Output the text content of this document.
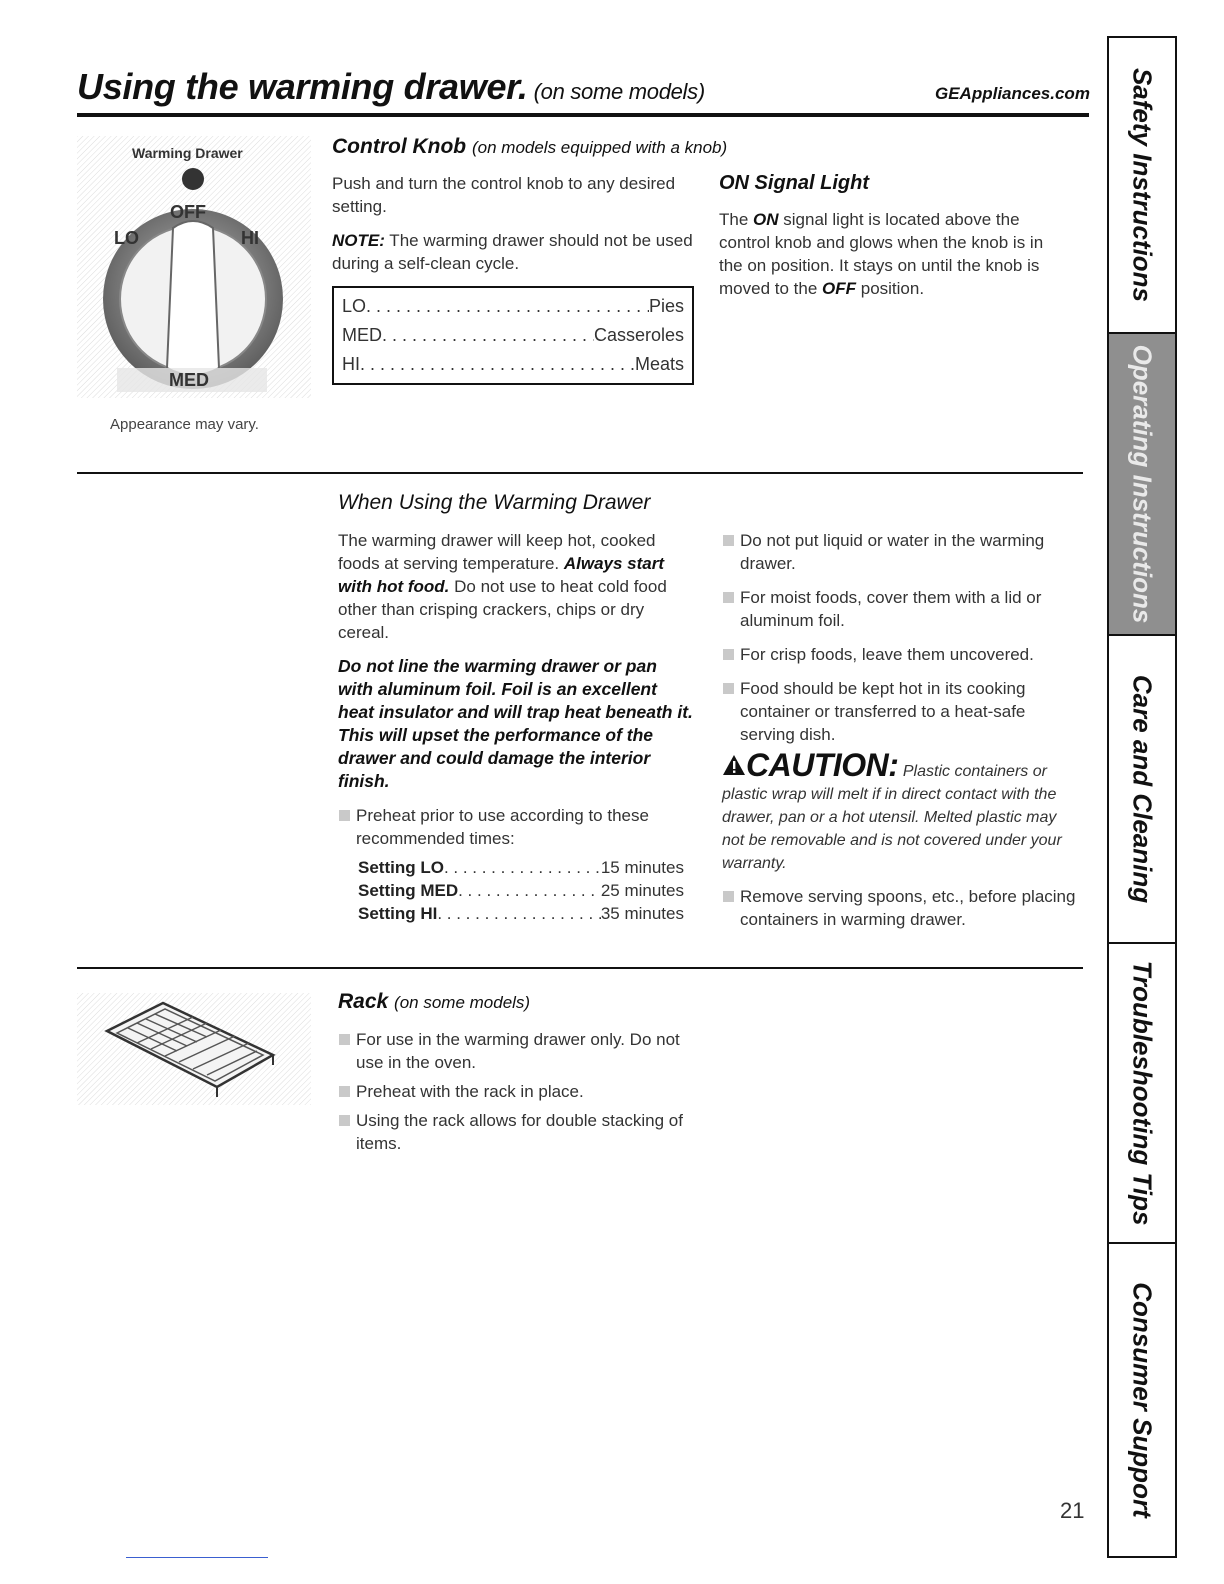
Using the warming drawer. (on some models)	GEAppliances.com
Warming Drawer
OFF
LO	HI
MED
Appearance may vary.
Control Knob (on models equipped with a knob)
Push and turn the control knob to any desired setting.
NOTE: The warming drawer should not be used during a self-clean cycle.
LO . . .	Pies
MED . . .	Casseroles
HI . . .	Meats
ON Signal Light
The ON signal light is located above the control knob and glows when the knob is in the on position. It stays on until the knob is moved to the OFF position.
When Using the Warming Drawer
The warming drawer will keep hot, cooked foods at serving temperature. Always start with hot food. Do not use to heat cold food other than crisping crackers, chips or dry cereal.
Do not line the warming drawer or pan with aluminum foil. Foil is an excellent heat insulator and will trap heat beneath it. This will upset the performance of the drawer and could damage the interior finish.
Preheat prior to use according to these recommended times:
Setting LO . . .	15 minutes
Setting MED . . .	25 minutes
Setting HI . . .	35 minutes
Do not put liquid or water in the warming drawer.
For moist foods, cover them with a lid or aluminum foil.
For crisp foods, leave them uncovered.
Food should be kept hot in its cooking container or transferred to a heat-safe serving dish.
CAUTION: Plastic containers or plastic wrap will melt if in direct contact with the drawer, pan or a hot utensil. Melted plastic may not be removable and is not covered under your warranty.
Remove serving spoons, etc., before placing containers in warming drawer.
Rack (on some models)
For use in the warming drawer only. Do not use in the oven.
Preheat with the rack in place.
Using the rack allows for double stacking of items.
Safety Instructions
Operating Instructions
Care and Cleaning
Troubleshooting Tips
Consumer Support
21
